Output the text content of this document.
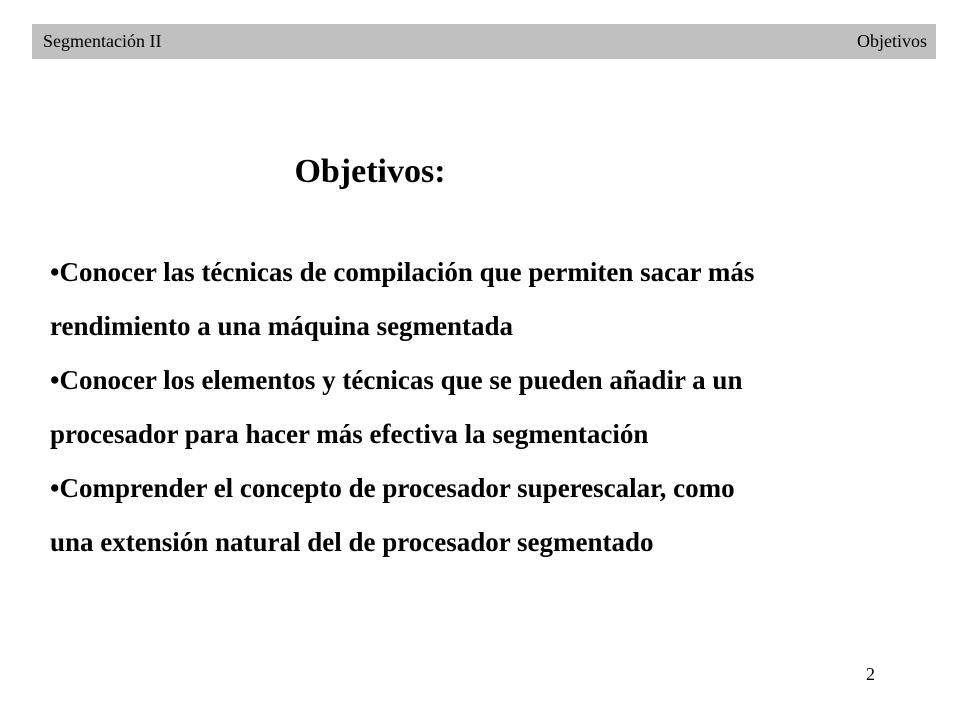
Segmentación II	Objetivos
Objetivos:
•Conocer las técnicas de compilación que permiten sacar más
rendimiento a una máquina segmentada
•Conocer los elementos y técnicas que se pueden añadir a un
procesador para hacer más efectiva la segmentación
•Comprender el concepto de procesador superescalar, como
una extensión natural del de procesador segmentado
2
